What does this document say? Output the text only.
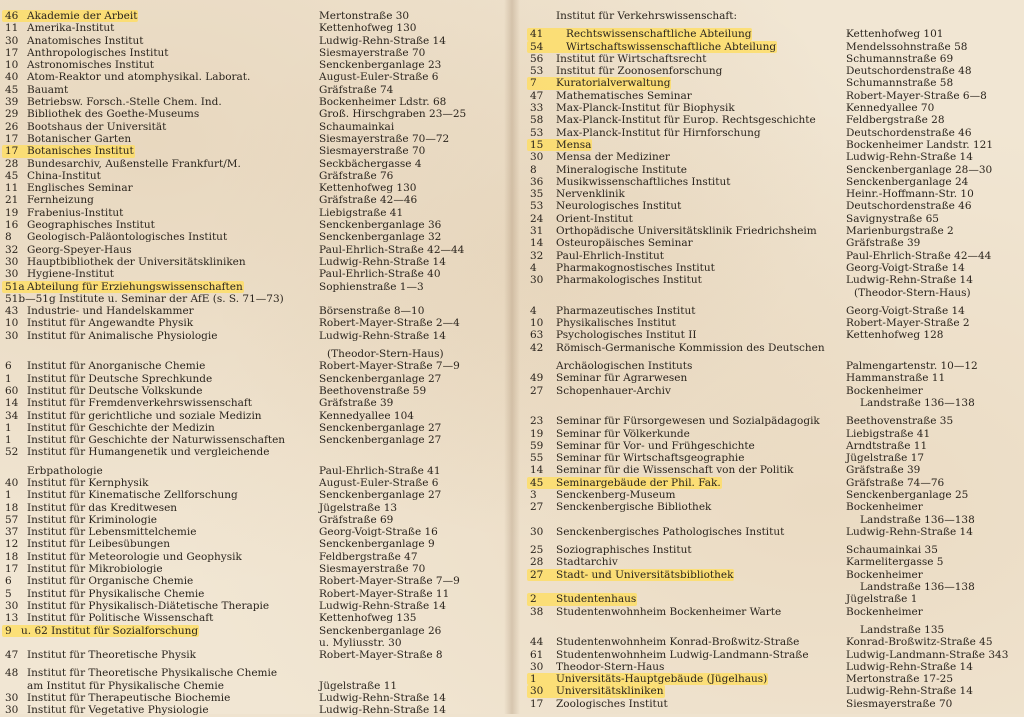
46 Akademie der Arbeit	Mertonstraße 30
11 Amerika-Institut	Kettenhofweg 130
30 Anatomisches Institut	Ludwig-Rehn-Straße 14
17 Anthropologisches Institut	Siesmayerstraße 70
10 Astronomisches Institut	Senckenberganlage 23
40 Atom-Reaktor und atomphysikal. Laborat.	August-Euler-Straße 6
45 Bauamt	Gräfstraße 74
39 Betriebsw. Forsch.-Stelle Chem. Ind.	Bockenheimer Ldstr. 68
29 Bibliothek des Goethe-Museums	Groß. Hirschgraben 23—25
26 Bootshaus der Universität	Schaumainkai
17 Botanischer Garten	Siesmayerstraße 70—72
17 Botanisches Institut	Siesmayerstraße 70
28 Bundesarchiv, Außenstelle Frankfurt/M.	Seckbächergasse 4
45 China-Institut	Gräfstraße 76
11 Englisches Seminar	Kettenhofweg 130
21 Fernheizung	Gräfstraße 42—46
19 Frabenius-Institut	Liebigstraße 41
16 Geographisches Institut	Senckenberganlage 36
8	Geologisch-Paläontologisches Institut	Senckenberganlage 32
32 Georg-Speyer-Haus	Paul-Ehrlich-Straße 42—44
30 Hauptbibliothek der Universitätskliniken	Ludwig-Rehn-Straße 14
30 Hygiene-Institut	Paul-Ehrlich-Straße 40
51a Abteilung für Erziehungswissenschaften	Sophienstraße 1—3
51b—51g Institute u. Seminar der AfE (s. S. 71—73)
43 Industrie- und Handelskammer	Börsenstraße 8—10
10 Institut für Angewandte Physik	Robert-Mayer-Straße 2—4
30 Institut für Animalische Physiologie	Ludwig-Rehn-Straße 14
(Theodor-Stern-Haus)
6	Institut für Anorganische Chemie	Robert-Mayer-Straße 7—9
1	Institut für Deutsche Sprechkunde	Senckenberganlage 27
60 Institut für Deutsche Volkskunde	Beethovenstraße 59
14 Institut für Fremdenverkehrswissenschaft	Gräfstraße 39
34 Institut für gerichtliche und soziale Medizin	Kennedyallee 104
1	Institut für Geschichte der Medizin	Senckenberganlage 27
1	Institut für Geschichte der Naturwissenschaften	Senckenberganlage 27
52 Institut für Humangenetik und vergleichende
Erbpathologie	Paul-Ehrlich-Straße 41
40 Institut für Kernphysik	August-Euler-Straße 6
1	Institut für Kinematische Zellforschung	Senckenberganlage 27
18 Institut für das Kreditwesen	Jügelstraße 13
57 Institut für Kriminologie	Gräfstraße 69
37 Institut für Lebensmittelchemie	Georg-Voigt-Straße 16
12 Institut für Leibesübungen	Senckenberganlage 9
18 Institut für Meteorologie und Geophysik	Feldbergstraße 47
17 Institut für Mikrobiologie	Siesmayerstraße 70
6	Institut für Organische Chemie	Robert-Mayer-Straße 7—9
5	Institut für Physikalische Chemie	Robert-Mayer-Straße 11
30 Institut für Physikalisch-Diätetische Therapie	Ludwig-Rehn-Straße 14
13 Institut für Politische Wissenschaft	Kettenhofweg 135
9 u. 62 Institut für Sozialforschung	Senckenberganlage 26
u. Myliusstr. 30
47 Institut für Theoretische Physik	Robert-Mayer-Straße 8
48 Institut für Theoretische Physikalische Chemie
am Institut für Physikalische Chemie	Jügelstraße 11
30 Institut für Therapeutische Biochemie	Ludwig-Rehn-Straße 14
30 Institut für Vegetative Physiologie	Ludwig-Rehn-Straße 14
Institut für Verkehrswissenschaft:
41	Rechtswissenschaftliche Abteilung	Kettenhofweg 101
54	Wirtschaftswissenschaftliche Abteilung	Mendelssohnstraße 58
56	Institut für Wirtschaftsrecht	Schumannstraße 69
53	Institut für Zoonosenforschung	Deutschordenstraße 48
7	Kuratorialverwaltung	Schumannstraße 58
47	Mathematisches Seminar	Robert-Mayer-Straße 6—8
33	Max-Planck-Institut für Biophysik	Kennedyallee 70
58	Max-Planck-Institut für Europ. Rechtsgeschichte	Feldbergstraße 28
53	Max-Planck-Institut für Hirnforschung	Deutschordenstraße 46
15	Mensa	Bockenheimer Landstr. 121
30	Mensa der Mediziner	Ludwig-Rehn-Straße 14
8	Mineralogische Institute	Senckenberganlage 28—30
36	Musikwissenschaftliches Institut	Senckenberganlage 24
35	Nervenklinik	Heinr.-Hoffmann-Str. 10
53	Neurologisches Institut	Deutschordenstraße 46
24	Orient-Institut	Savignystraße 65
31	Orthopädische Universitätsklinik Friedrichsheim	Marienburgstraße 2
14	Osteuropäisches Seminar	Gräfstraße 39
32	Paul-Ehrlich-Institut	Paul-Ehrlich-Straße 42—44
4	Pharmakognostisches Institut	Georg-Voigt-Straße 14
30	Pharmakologisches Institut	Ludwig-Rehn-Straße 14
(Theodor-Stern-Haus)
4	Pharmazeutisches Institut	Georg-Voigt-Straße 14
10	Physikalisches Institut	Robert-Mayer-Straße 2
63	Psychologisches Institut II	Kettenhofweg 128
42	Römisch-Germanische Kommission des Deutschen
Archäologischen Instituts	Palmengartenstr. 10—12
49	Seminar für Agrarwesen	Hammanstraße 11
27	Schopenhauer-Archiv	Bockenheimer
Landstraße 136—138
23	Seminar für Fürsorgewesen und Sozialpädagogik Beethovenstraße 35
19	Seminar für Völkerkunde	Liebigstraße 41
59	Seminar für Vor- und Frühgeschichte	Arndtstraße 11
55	Seminar für Wirtschaftsgeographie	Jügelstraße 17
14	Seminar für die Wissenschaft von der Politik	Gräfstraße 39
45	Seminargebäude der Phil. Fak.	Gräfstraße 74—76
3	Senckenberg-Museum	Senckenberganlage 25
27	Senckenbergische Bibliothek	Bockenheimer
Landstraße 136—138
30	Senckenbergisches Pathologisches Institut	Ludwig-Rehn-Straße 14
25	Soziographisches Institut	Schaumainkai 35
28	Stadtarchiv	Karmelitergasse 5
27	Stadt- und Universitätsbibliothek	Bockenheimer
Landstraße 136—138
2	Studentenhaus	Jügelstraße 1
38	Studentenwohnheim Bockenheimer Warte	Bockenheimer
Landstraße 135
44	Studentenwohnheim Konrad-Broßwitz-Straße	Konrad-Broßwitz-Straße 45
61	Studentenwohnheim Ludwig-Landmann-Straße	Ludwig-Landmann-Straße 343
30	Theodor-Stern-Haus	Ludwig-Rehn-Straße 14
1	Universitäts-Hauptgebäude (Jügelhaus)	Mertonstraße 17-25
30	Universitätskliniken	Ludwig-Rehn-Straße 14
17	Zoologisches Institut	Siesmayerstraße 70
